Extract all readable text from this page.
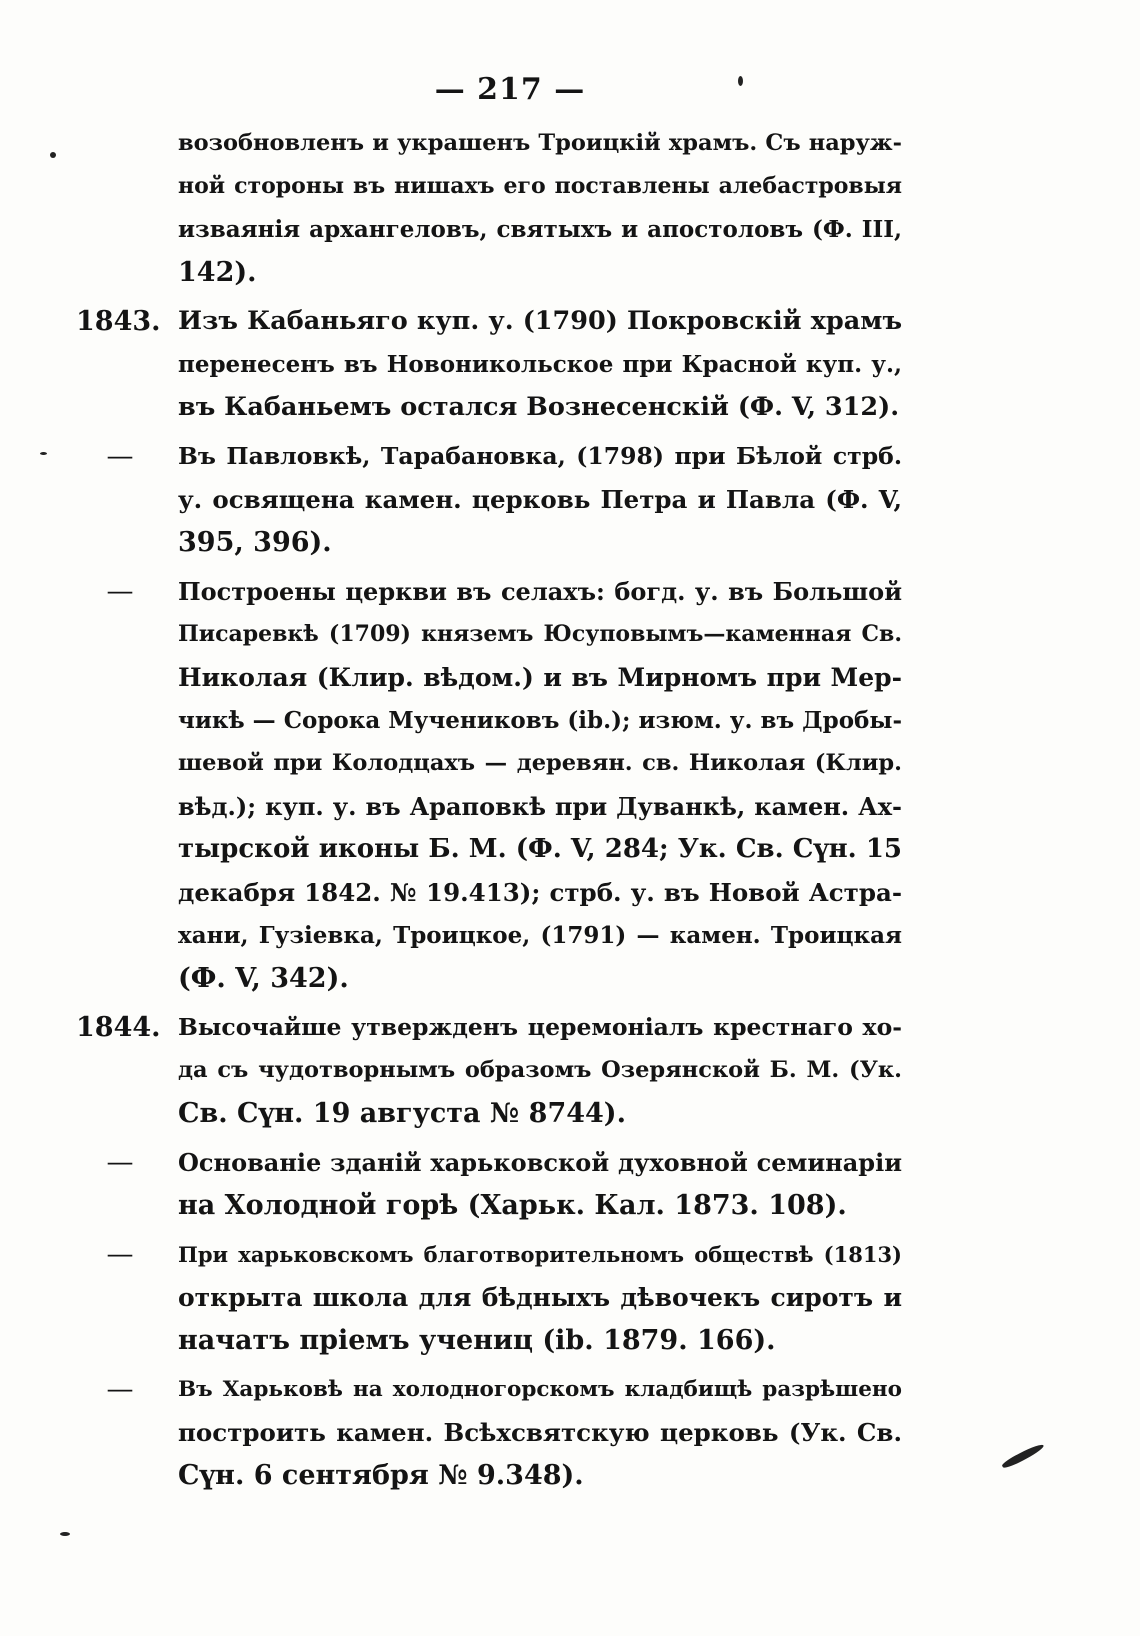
— 217 —
возобновленъ и украшенъ Троицкій храмъ. Съ наруж-
ной стороны въ нишахъ его поставлены алебастровыя
изваянія архангеловъ, святыхъ и апостоловъ (Ф. III,
142).
1843. Изъ Кабаньяго куп. у. (1790) Покровскій храмъ
перенесенъ въ Новоникольское при Красной куп. у.,
въ Кабаньемъ остался Вознесенскій (Ф. V, 312).
— Въ Павловкѣ, Тарабановка, (1798) при Бѣлой стрб.
у. освящена камен. церковь Петра и Павла (Ф. V,
395, 396).
— Построены церкви въ селахъ: богд. у. въ Большой
Писаревкѣ (1709) княземъ Юсуповымъ—каменная Св.
Николая (Клир. вѣдом.) и въ Мирномъ при Мер-
чикѣ — Сорока Мучениковъ (ib.); изюм. у. въ Дробы-
шевой при Колодцахъ — деревян. св. Николая (Клир.
вѣд.); куп. у. въ Араповкѣ при Дуванкѣ, камен. Ах-
тырской иконы Б. М. (Ф. V, 284; Ук. Св. Сүн. 15
декабря 1842. № 19.413); стрб. у. въ Новой Астра-
хани, Гузіевка, Троицкое, (1791) — камен. Троицкая
(Ф. V, 342).
1844. Высочайше утвержденъ церемоніалъ крестнаго хо-
да съ чудотворнымъ образомъ Озерянской Б. М. (Ук.
Св. Сүн. 19 августа № 8744).
— Основаніе зданій харьковской духовной семинаріи
на Холодной горѣ (Харьк. Кал. 1873. 108).
—	При харьковскомъ благотворительномъ обществѣ (1813)
открыта школа для бѣдныхъ дѣвочекъ сиротъ и
начатъ пріемъ учениц (ib. 1879. 166).
—	Въ Харьковѣ на холодногорскомъ кладбищѣ разрѣшено
построить камен. Всѣхсвятскую церковь (Ук. Св.
Сүн. 6 сентября № 9.348).
